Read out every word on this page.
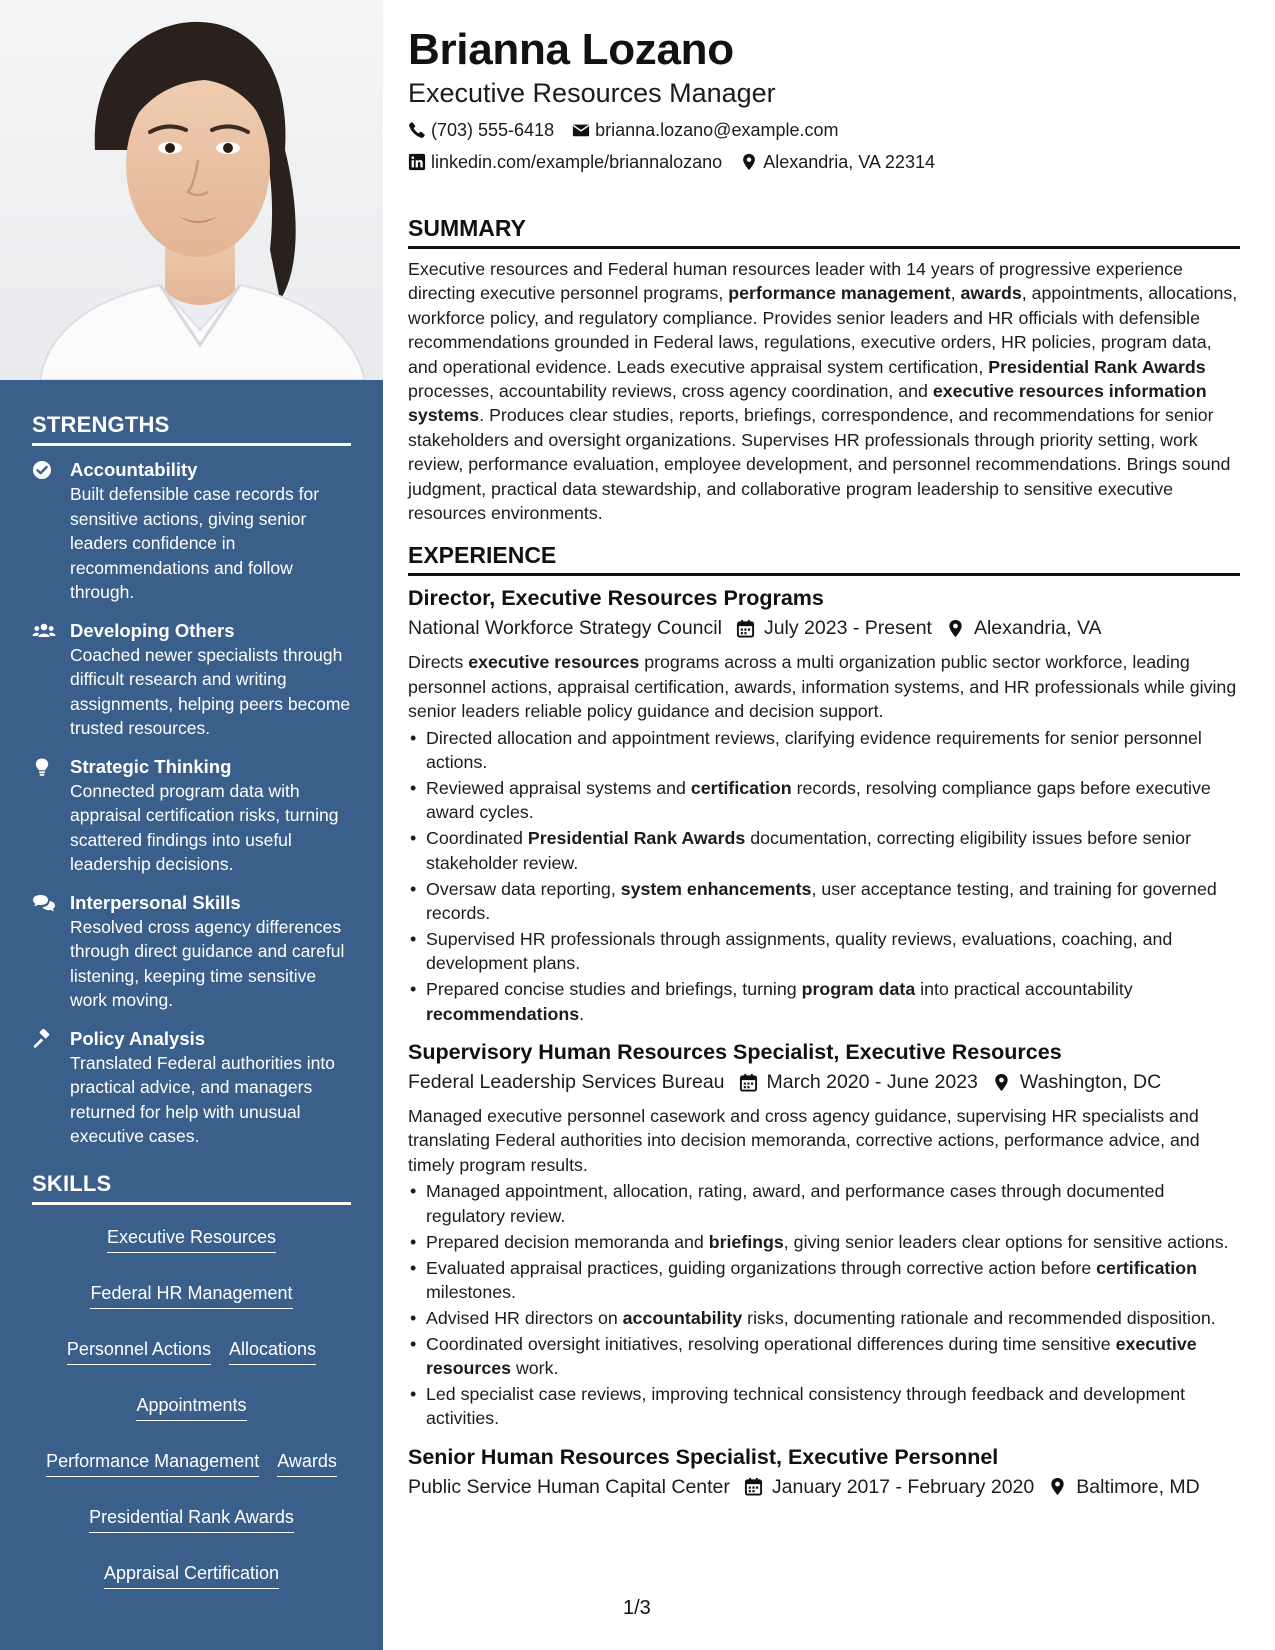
STRENGTHS
Accountability
Built defensible case records for sensitive actions, giving senior leaders confidence in recommendations and follow through.
Developing Others
Coached newer specialists through difficult research and writing assignments, helping peers become trusted resources.
Strategic Thinking
Connected program data with appraisal certification risks, turning scattered findings into useful leadership decisions.
Interpersonal Skills
Resolved cross agency differences through direct guidance and careful listening, keeping time sensitive work moving.
Policy Analysis
Translated Federal authorities into practical advice, and managers returned for help with unusual executive cases.
SKILLS
Executive Resources
Federal HR Management
Personnel Actions Allocations
Appointments
Performance Management Awards
Presidential Rank Awards
Appraisal Certification
Brianna Lozano
Executive Resources Manager
(703) 555-6418 brianna.lozano@example.com
linkedin.com/example/briannalozano Alexandria, VA 22314
SUMMARY

Executive resources and Federal human resources leader with 14 years of progressive experience directing executive personnel programs, performance management, awards, appointments, allocations, workforce policy, and regulatory compliance. Provides senior leaders and HR officials with defensible recommendations grounded in Federal laws, regulations, executive orders, HR policies, program data, and operational evidence. Leads executive appraisal system certification, Presidential Rank Awards processes, accountability reviews, cross agency coordination, and executive resources information systems. Produces clear studies, reports, briefings, correspondence, and recommendations for senior stakeholders and oversight organizations. Supervises HR professionals through priority setting, work review, performance evaluation, employee development, and personnel recommendations. Brings sound judgment, practical data stewardship, and collaborative program leadership to sensitive executive resources environments.

EXPERIENCE
Director, Executive Resources Programs
National Workforce Strategy Council July 2023 - Present Alexandria, VA

Directs executive resources programs across a multi organization public sector workforce, leading personnel actions, appraisal certification, awards, information systems, and HR professionals while giving senior leaders reliable policy guidance and decision support.

• Directed allocation and appointment reviews, clarifying evidence requirements for senior personnel actions.
• Reviewed appraisal systems and certification records, resolving compliance gaps before executive award cycles.
• Coordinated Presidential Rank Awards documentation, correcting eligibility issues before senior stakeholder review.
• Oversaw data reporting, system enhancements, user acceptance testing, and training for governed records.
• Supervised HR professionals through assignments, quality reviews, evaluations, coaching, and development plans.
• Prepared concise studies and briefings, turning program data into practical accountability recommendations.
Supervisory Human Resources Specialist, Executive Resources
Federal Leadership Services Bureau March 2020 - June 2023 Washington, DC

Managed executive personnel casework and cross agency guidance, supervising HR specialists and translating Federal authorities into decision memoranda, corrective actions, performance advice, and timely program results.

• Managed appointment, allocation, rating, award, and performance cases through documented regulatory review.
• Prepared decision memoranda and briefings, giving senior leaders clear options for sensitive actions.
• Evaluated appraisal practices, guiding organizations through corrective action before certification milestones.
• Advised HR directors on accountability risks, documenting rationale and recommended disposition.
• Coordinated oversight initiatives, resolving operational differences during time sensitive executive resources work.
• Led specialist case reviews, improving technical consistency through feedback and development activities.
Senior Human Resources Specialist, Executive Personnel
Public Service Human Capital Center January 2017 - February 2020 Baltimore, MD
1/3
